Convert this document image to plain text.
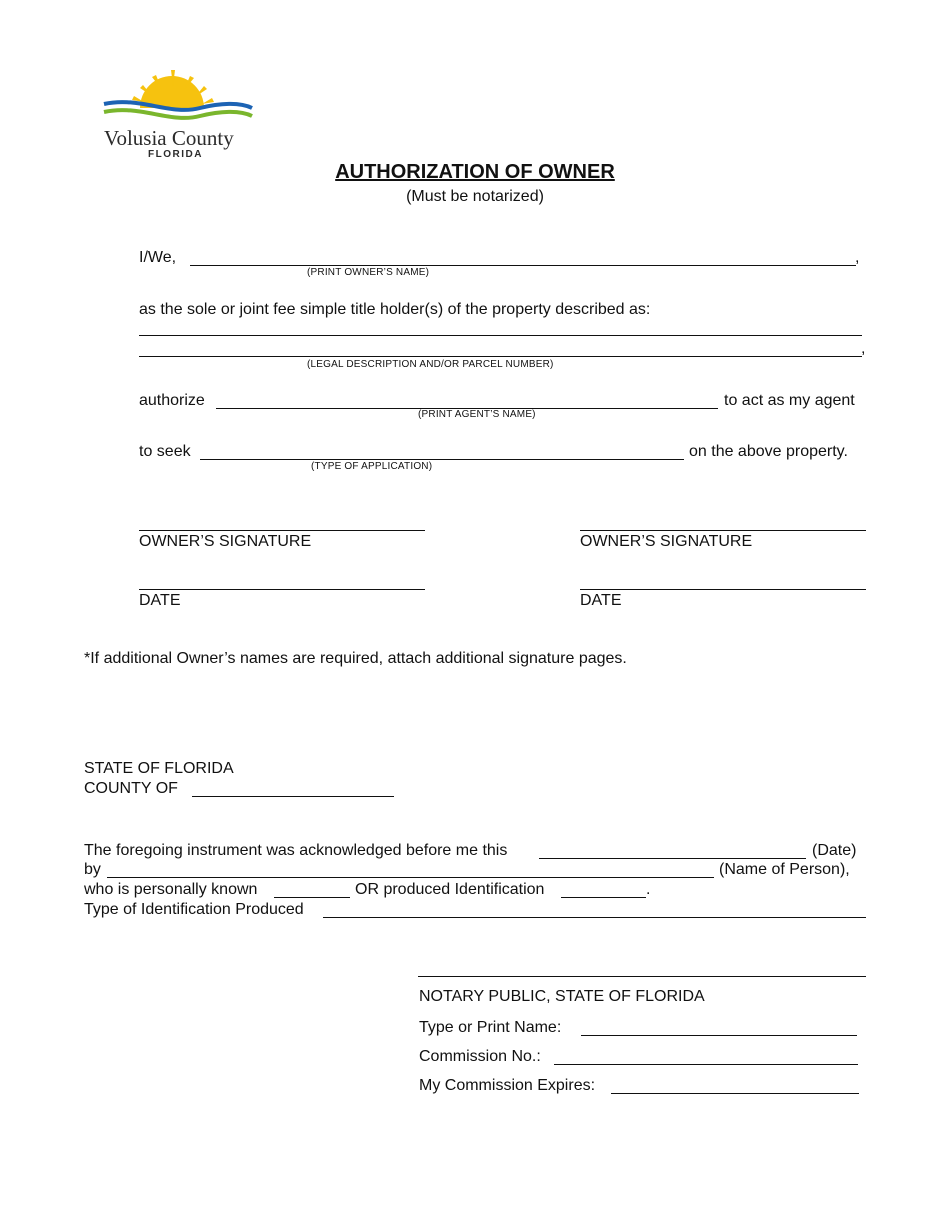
Volusia County
FLORIDA
AUTHORIZATION OF OWNER
(Must be notarized)
I/We,	,
(PRINT OWNER’S NAME)
as the sole or joint fee simple title holder(s) of the property described as:
,
(LEGAL DESCRIPTION AND/OR PARCEL NUMBER)
authorize	to act as my agent
(PRINT AGENT’S NAME)
to seek	on the above property.
(TYPE OF APPLICATION)
OWNER’S SIGNATURE	OWNER’S SIGNATURE
DATE	DATE
*If additional Owner’s names are required, attach additional signature pages.
STATE OF FLORIDA
COUNTY OF
The foregoing instrument was acknowledged before me this	(Date)
by	(Name of Person),
who is personally known	OR produced Identification	.
Type of Identification Produced
NOTARY PUBLIC, STATE OF FLORIDA
Type or Print Name:
Commission No.:
My Commission Expires:
